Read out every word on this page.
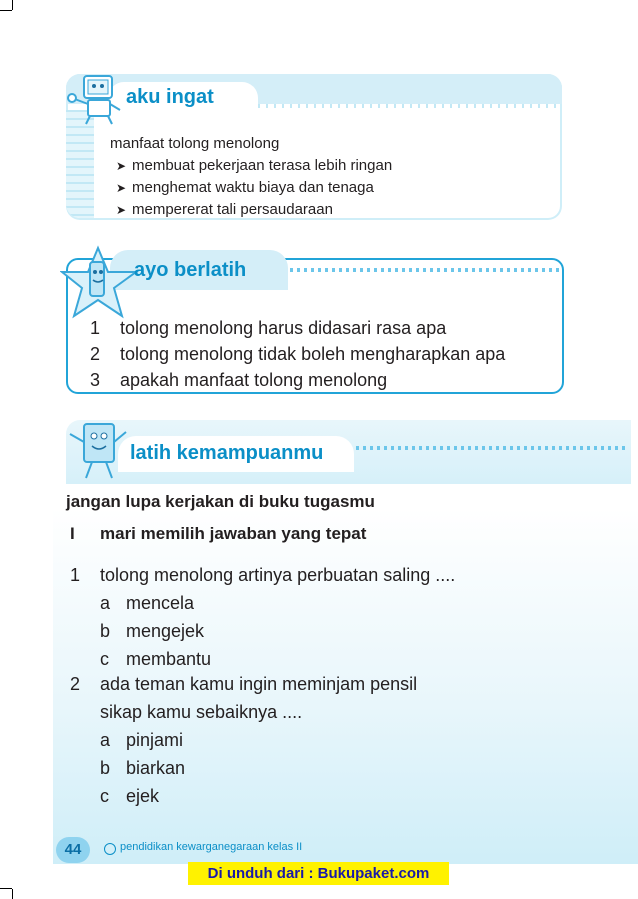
aku ingat
manfaat tolong menolong
➤ membuat pekerjaan terasa lebih ringan
➤ menghemat waktu biaya dan tenaga
➤ mempererat tali persaudaraan
ayo berlatih
1 tolong menolong harus didasari rasa apa
2 tolong menolong tidak boleh mengharapkan apa
3 apakah manfaat tolong menolong
latih kemampuanmu
jangan lupa kerjakan di buku tugasmu
I mari memilih jawaban yang tepat
1 tolong menolong artinya perbuatan saling ....
a mencela
b mengejek
c membantu
2 ada teman kamu ingin meminjam pensil
sikap kamu sebaiknya ....
a pinjami
b biarkan
c ejek
44	pendidikan kewarganegaraan kelas II
Di unduh dari : Bukupaket.com
